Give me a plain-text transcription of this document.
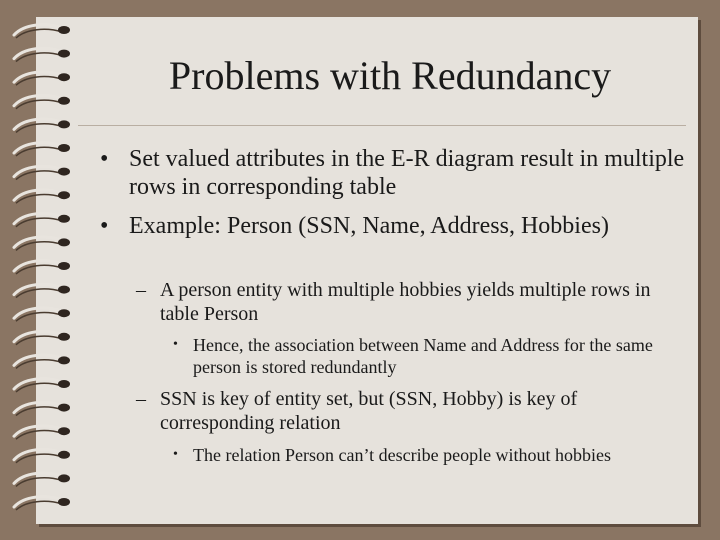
Problems with Redundancy
• Set valued attributes in the E-R diagram result in multiple rows in corresponding table
• Example: Person (SSN, Name, Address, Hobbies)
– A person entity with multiple hobbies yields multiple rows in table Person
• Hence, the association between Name and Address for the same person is stored redundantly
– SSN is key of entity set, but (SSN, Hobby) is key of corresponding relation
• The relation Person can’t describe people without hobbies
